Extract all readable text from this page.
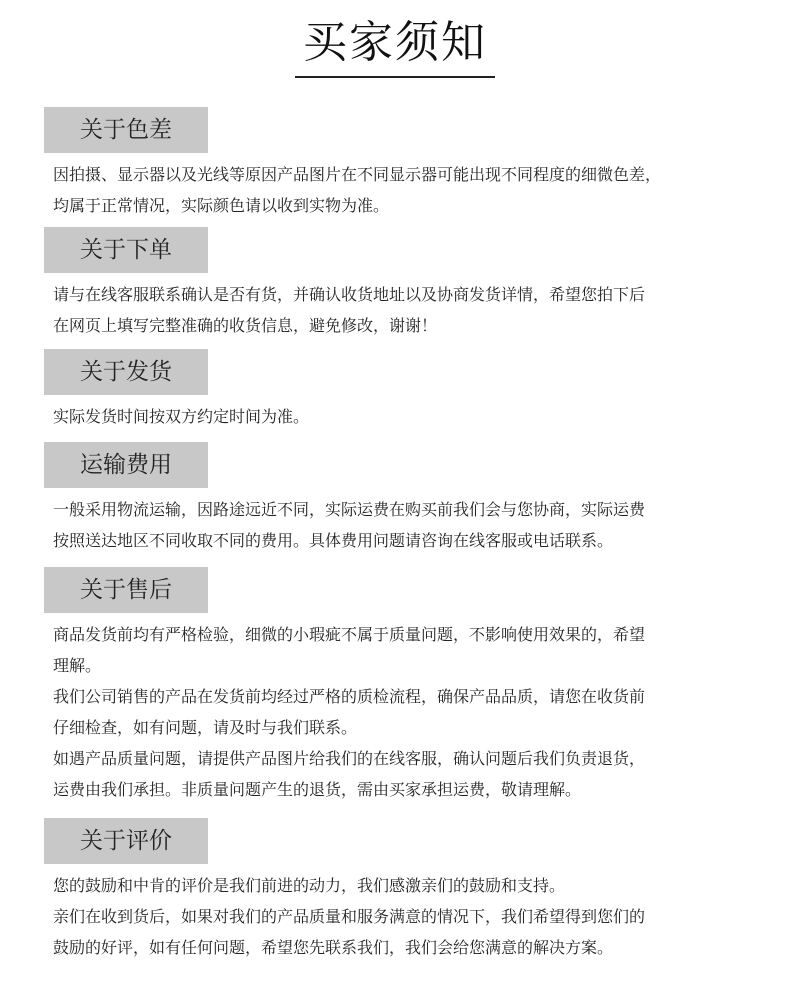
买家须知
关于色差
因拍摄、显示器以及光线等原因产品图片在不同显示器可能出现不同程度的细微色差，
均属于正常情况，实际颜色请以收到实物为准。
关于下单
请与在线客服联系确认是否有货，并确认收货地址以及协商发货详情，希望您拍下后
在网页上填写完整准确的收货信息，避免修改，谢谢！
关于发货
实际发货时间按双方约定时间为准。
运输费用
一般采用物流运输，因路途远近不同，实际运费在购买前我们会与您协商，实际运费
按照送达地区不同收取不同的费用。具体费用问题请咨询在线客服或电话联系。
关于售后
商品发货前均有严格检验，细微的小瑕疵不属于质量问题，不影响使用效果的，希望
理解。
我们公司销售的产品在发货前均经过严格的质检流程，确保产品品质，请您在收货前
仔细检查，如有问题，请及时与我们联系。
如遇产品质量问题，请提供产品图片给我们的在线客服，确认问题后我们负责退货，
运费由我们承担。非质量问题产生的退货，需由买家承担运费，敬请理解。
关于评价
您的鼓励和中肯的评价是我们前进的动力，我们感激亲们的鼓励和支持。
亲们在收到货后，如果对我们的产品质量和服务满意的情况下，我们希望得到您们的
鼓励的好评，如有任何问题，希望您先联系我们，我们会给您满意的解决方案。
